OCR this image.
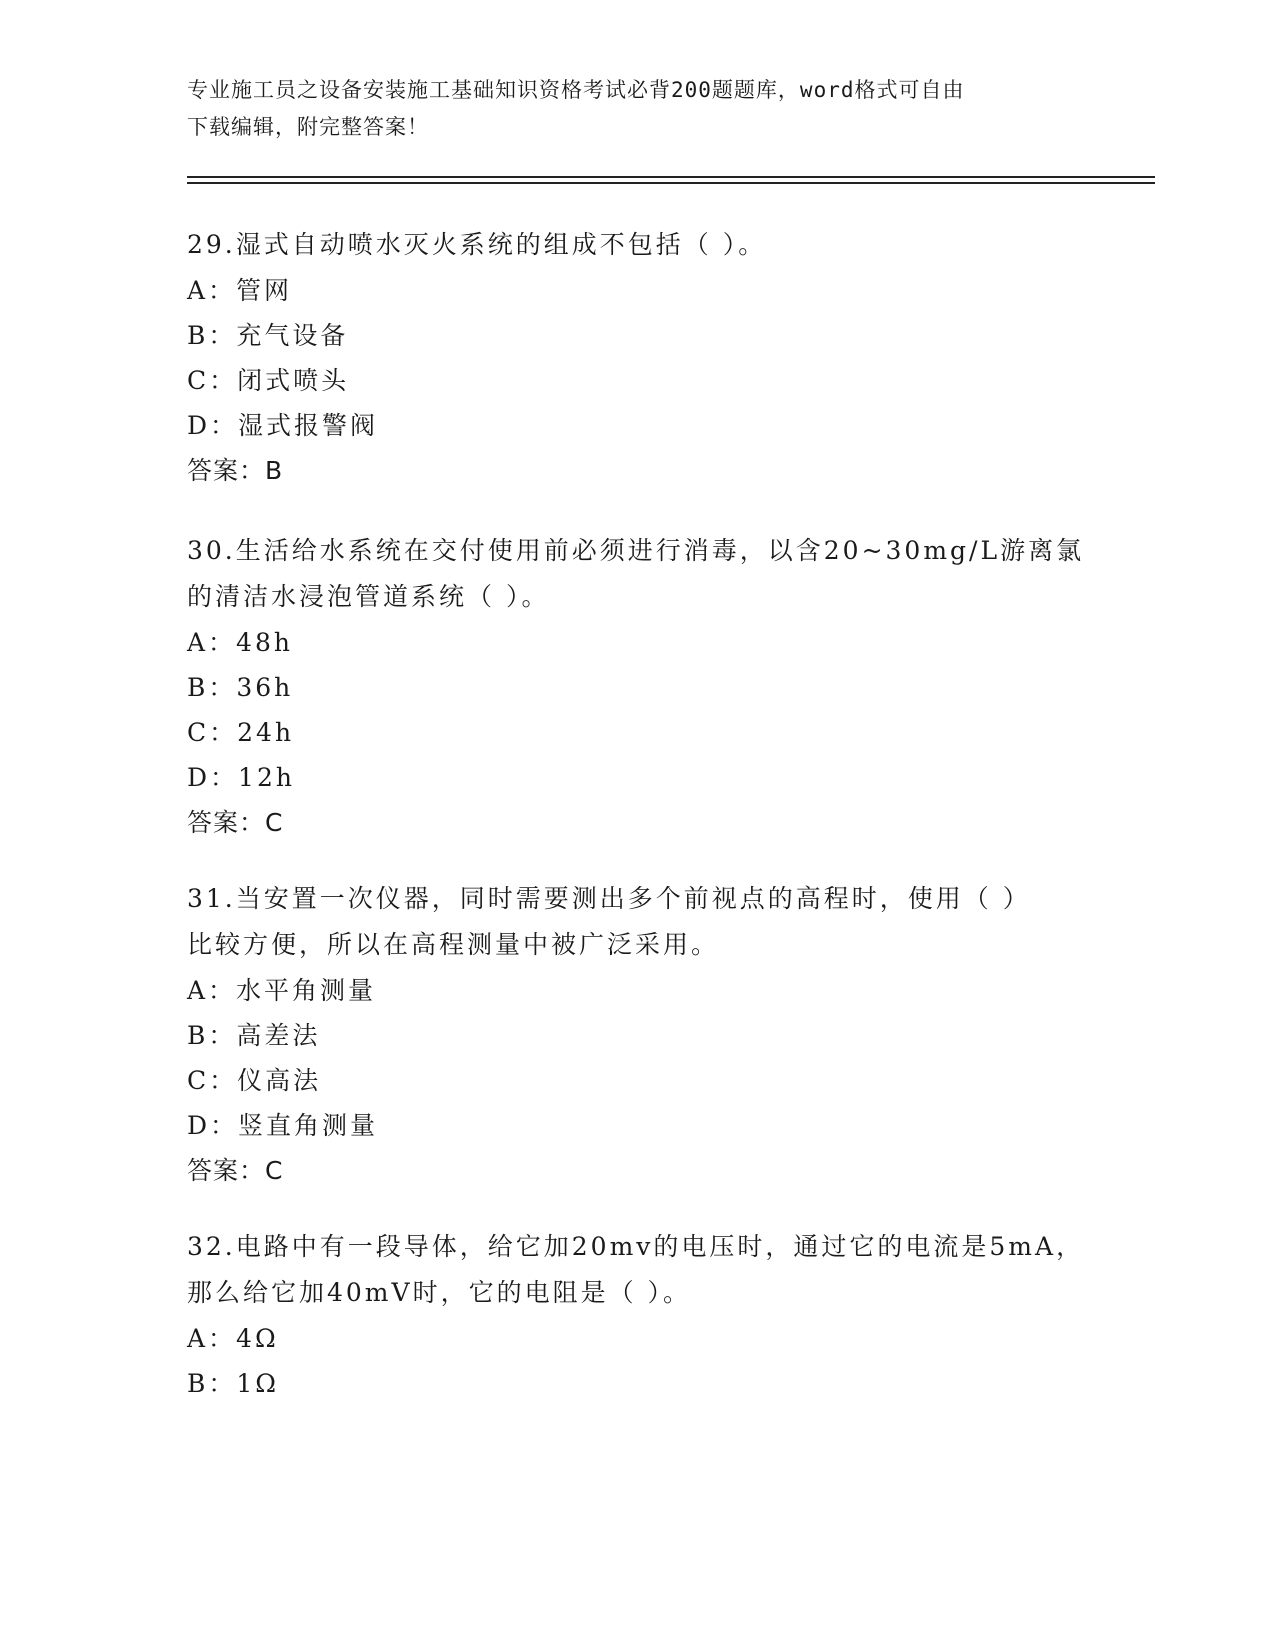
专业施工员之设备安装施工基础知识资格考试必背200题题库，word格式可自由
下载编辑，附完整答案！

29.湿式自动喷水灭火系统的组成不包括（ ）。

A：管网

B：充气设备

C：闭式喷头

D：湿式报警阀

答案：B

30.生活给水系统在交付使用前必须进行消毒，以含20~30mg/L游离氯

的清洁水浸泡管道系统（ ）。

A：48h

B：36h

C：24h

D：12h

答案：C

31.当安置一次仪器，同时需要测出多个前视点的高程时，使用（ ）

比较方便，所以在高程测量中被广泛采用。

A：水平角测量

B：高差法

C：仪高法

D：竖直角测量

答案：C

32.电路中有一段导体，给它加20mv的电压时，通过它的电流是5mA，

那么给它加40mV时，它的电阻是（ ）。

A：4Ω

B：1Ω
